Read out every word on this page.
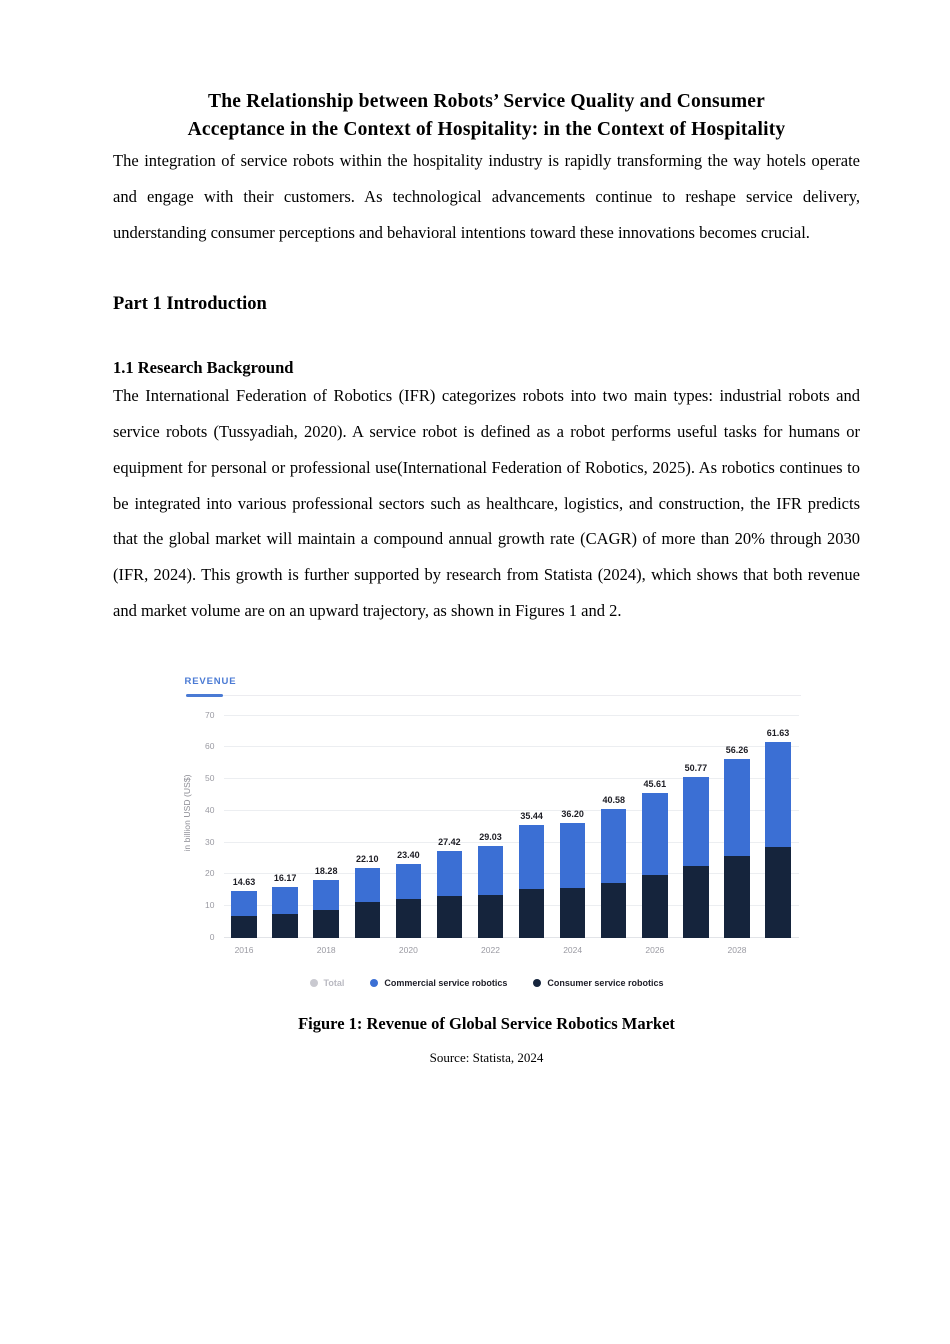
The Relationship between Robots’ Service Quality and Consumer
Acceptance in the Context of Hospitality: in the Context of Hospitality

The integration of service robots within the hospitality industry is rapidly transforming the way hotels operate and engage with their customers. As technological advancements continue to reshape service delivery, understanding consumer perceptions and behavioral intentions toward these innovations becomes crucial.

Part 1 Introduction
1.1 Research Background

The International Federation of Robotics (IFR) categorizes robots into two main types: industrial robots and service robots (Tussyadiah, 2020). A service robot is defined as a robot performs useful tasks for humans or equipment for personal or professional use(International Federation of Robotics, 2025). As robotics continues to be integrated into various professional sectors such as healthcare, logistics, and construction, the IFR predicts that the global market will maintain a compound annual growth rate (CAGR) of more than 20% through 2030 (IFR, 2024). This growth is further supported by research from Statista (2024), which shows that both revenue and market volume are on an upward trajectory, as shown in Figures 1 and 2.

REVENUE
in billion USD (US$)
0
10
20
30
40
50
60
70
14.63 16.17
18.28
22.10 23.40
27.42
29.03
35.44 36.20
40.58
45.61
50.77
56.26
61.63
2016	2018	2020	2022	2024	2026	2028
Total	Commercial service robotics	Consumer service robotics
Figure 1: Revenue of Global Service Robotics Market
Source: Statista, 2024
